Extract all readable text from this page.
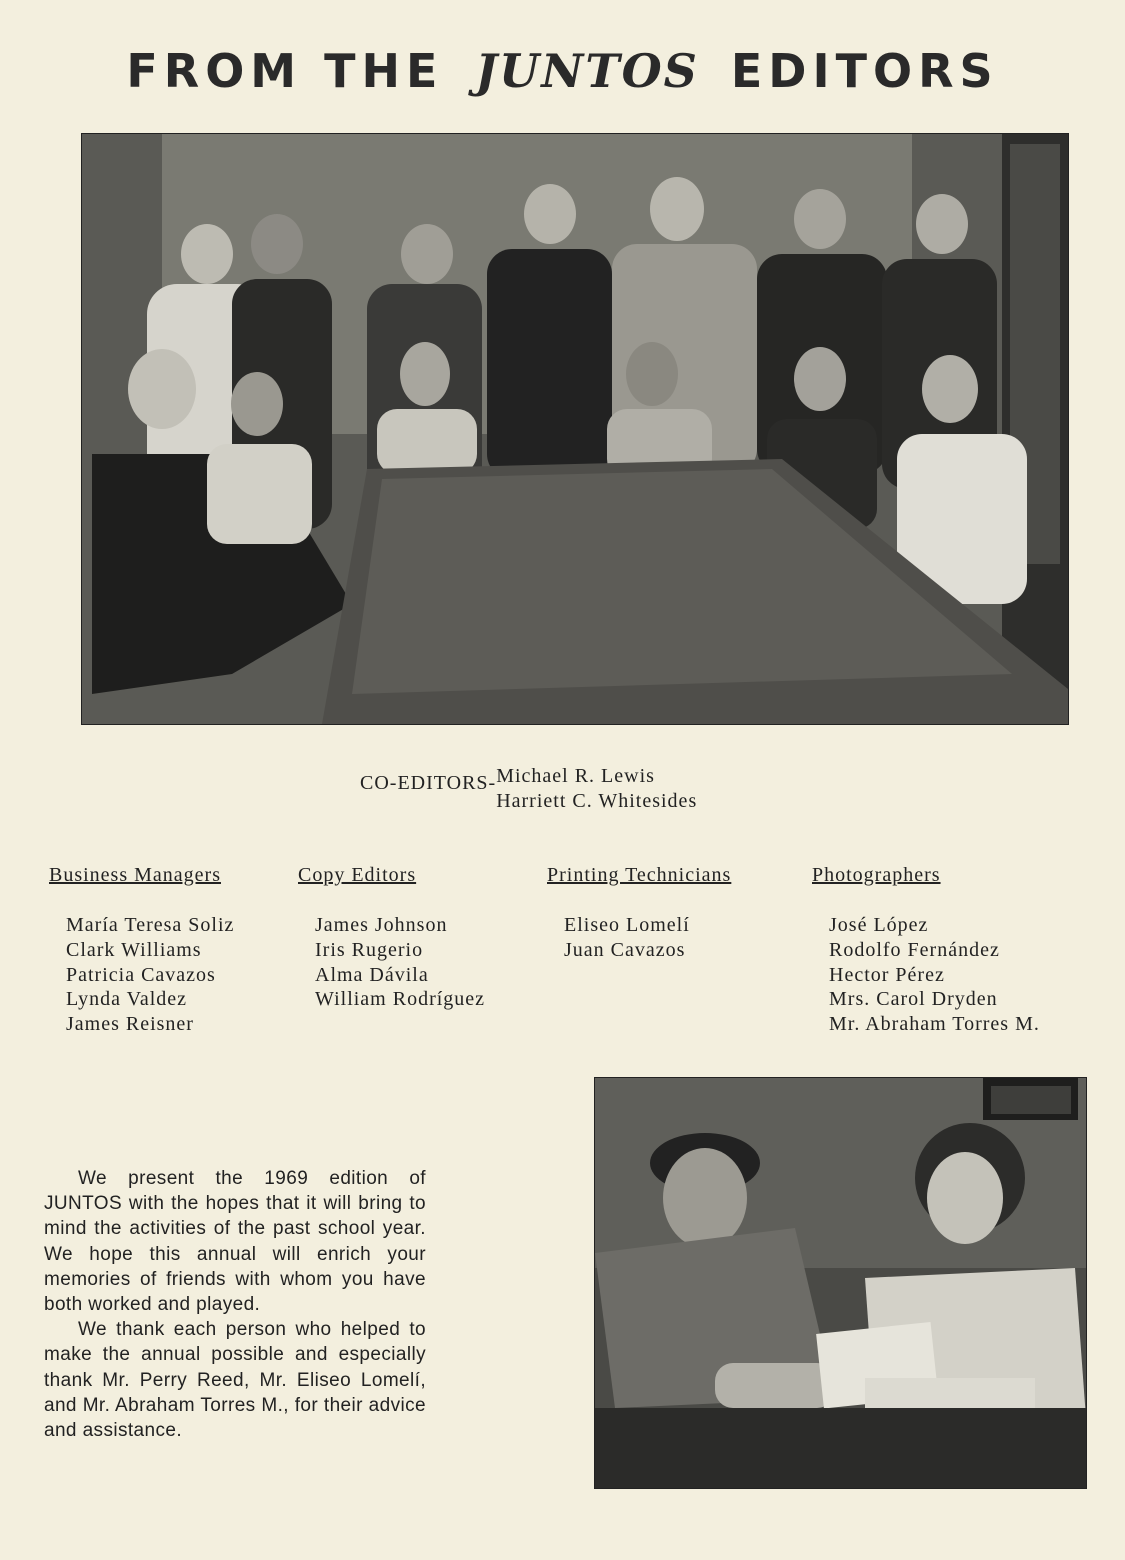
FROM THE JUNTOS EDITORS
CO-EDITORS-Michael R. Lewis
Harriett C. Whitesides
Business Managers
María Teresa Soliz
Clark Williams
Patricia Cavazos
Lynda Valdez
James Reisner
Copy Editors
James Johnson
Iris Rugerio
Alma Dávila
William Rodríguez
Printing Technicians
Eliseo Lomelí
Juan Cavazos
Photographers
José López
Rodolfo Fernández
Hector Pérez
Mrs. Carol Dryden
Mr. Abraham Torres M.

We present the 1969 edition of JUNTOS with the hopes that it will bring to mind the activities of the past school year. We hope this annual will enrich your memories of friends with whom you have both worked and played.

We thank each person who helped to make the annual possible and especially thank Mr. Perry Reed, Mr. Eliseo Lomelí, and Mr. Abraham Torres M., for their advice and assistance.
